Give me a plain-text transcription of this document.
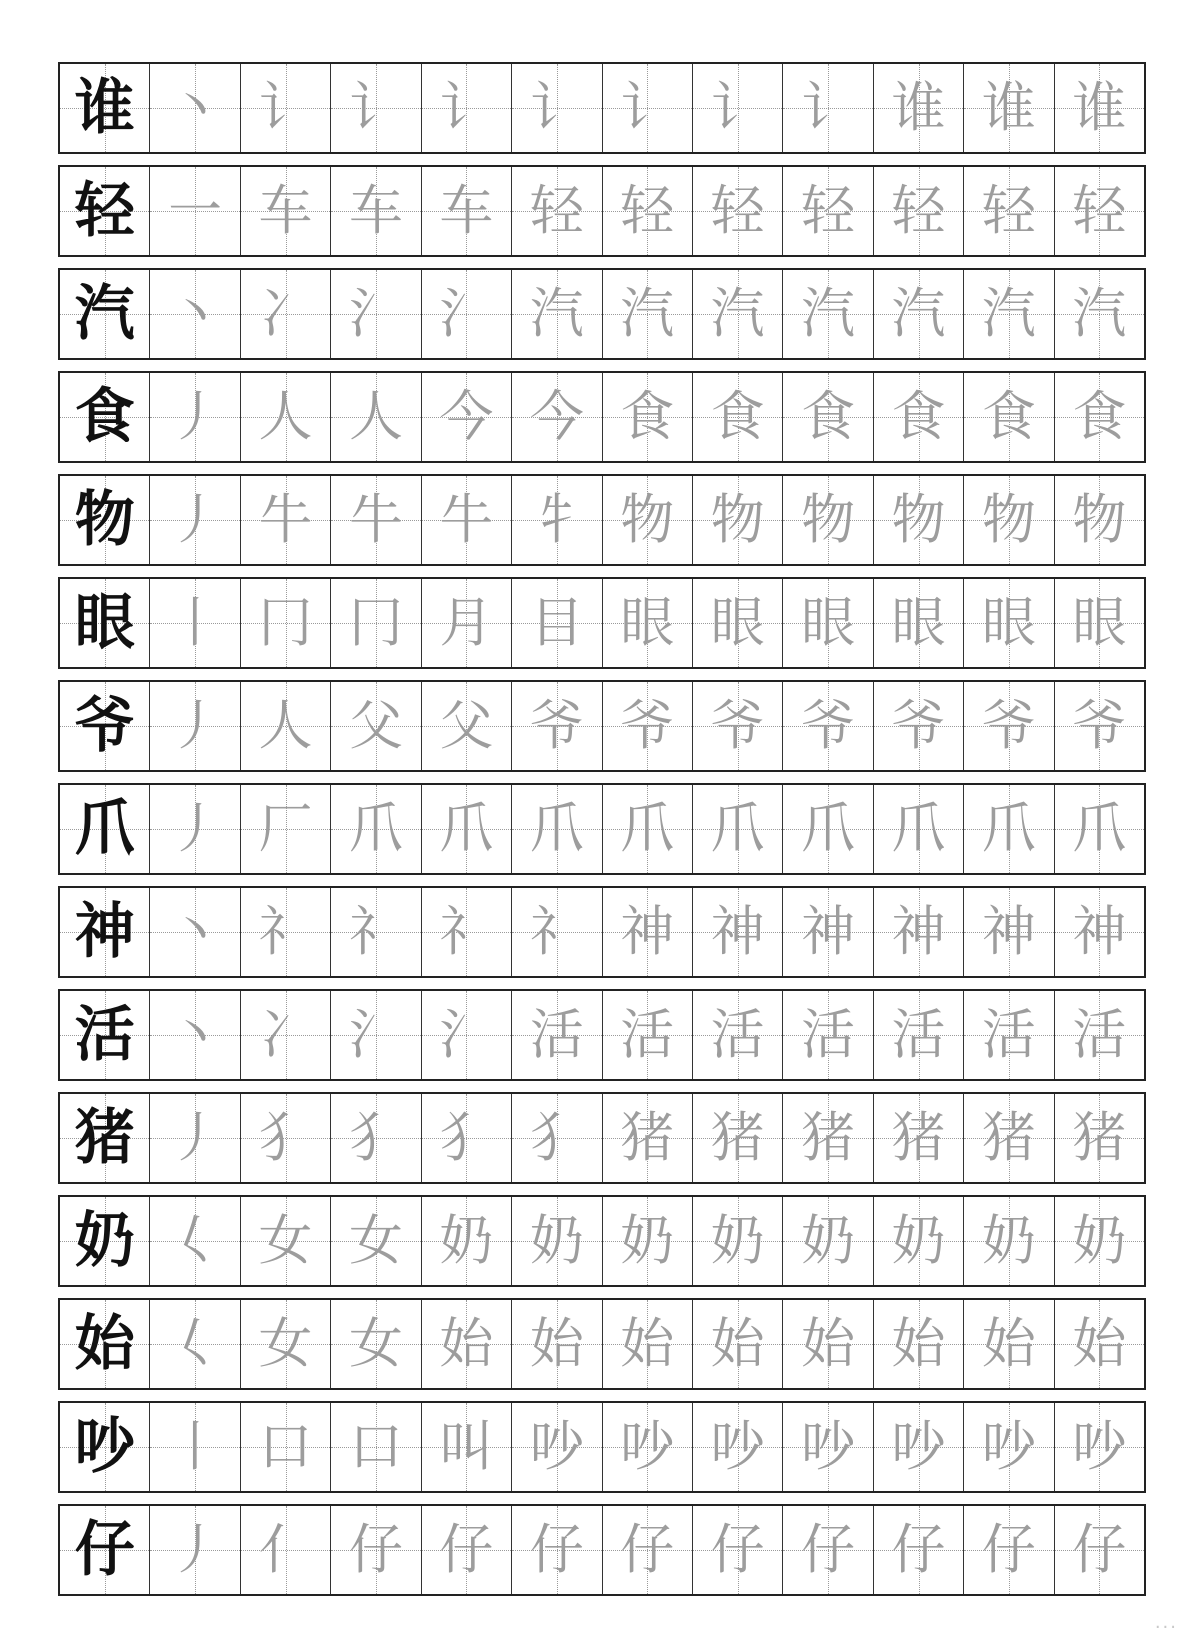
谁 丶 讠 讠 讠 讠 讠 讠 讠 谁 谁 谁
轻 一 车 车 车 轻 轻 轻 轻 轻 轻 轻
汽 丶 冫 氵 氵 汽 汽 汽 汽 汽 汽 汽
食 丿 人 人 今 今 食 食 食 食 食 食
物 丿 牛 牛 牛 牜 物 物 物 物 物 物
眼 丨 冂 冂 月 目 眼 眼 眼 眼 眼 眼
爷 丿 人 父 父 爷 爷 爷 爷 爷 爷 爷
爪 丿 厂 爪 爪 爪 爪 爪 爪 爪 爪 爪
神 丶 礻 礻 礻 礻 神 神 神 神 神 神
活 丶 冫 氵 氵 活 活 活 活 活 活 活
猪 丿 犭 犭 犭 犭 猪 猪 猪 猪 猪 猪
奶 𡿨 女 女 奶 奶 奶 奶 奶 奶 奶 奶
始 𡿨 女 女 始 始 始 始 始 始 始 始
吵 丨 口 口 叫 吵 吵 吵 吵 吵 吵 吵
仔 丿 亻 仔 仔 仔 仔 仔 仔 仔 仔 仔
...
